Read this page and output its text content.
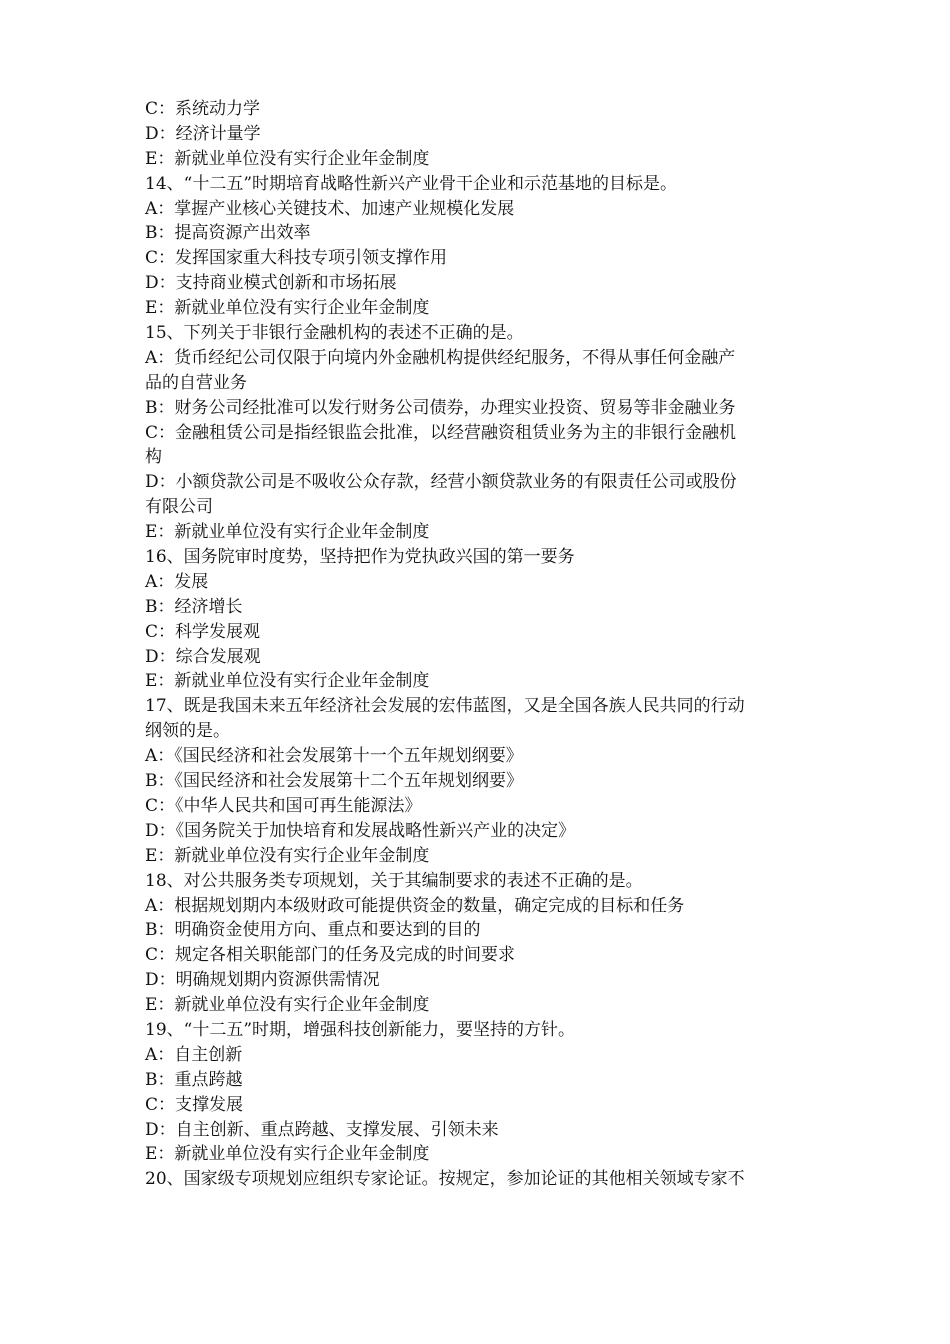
C：系统动力学
D：经济计量学
E：新就业单位没有实行企业年金制度
14、“十二五”时期培育战略性新兴产业骨干企业和示范基地的目标是。
A：掌握产业核心关键技术、加速产业规模化发展
B：提高资源产出效率
C：发挥国家重大科技专项引领支撑作用
D：支持商业模式创新和市场拓展
E：新就业单位没有实行企业年金制度
15、下列关于非银行金融机构的表述不正确的是。
A：货币经纪公司仅限于向境内外金融机构提供经纪服务，不得从事任何金融产
品的自营业务
B：财务公司经批准可以发行财务公司债券，办理实业投资、贸易等非金融业务
C：金融租赁公司是指经银监会批准，以经营融资租赁业务为主的非银行金融机
构
D：小额贷款公司是不吸收公众存款，经营小额贷款业务的有限责任公司或股份
有限公司
E：新就业单位没有实行企业年金制度
16、国务院审时度势，坚持把作为党执政兴国的第一要务
A：发展
B：经济增长
C：科学发展观
D：综合发展观
E：新就业单位没有实行企业年金制度
17、既是我国未来五年经济社会发展的宏伟蓝图，又是全国各族人民共同的行动
纲领的是。
A：《国民经济和社会发展第十一个五年规划纲要》
B：《国民经济和社会发展第十二个五年规划纲要》
C：《中华人民共和国可再生能源法》
D：《国务院关于加快培育和发展战略性新兴产业的决定》
E：新就业单位没有实行企业年金制度
18、对公共服务类专项规划，关于其编制要求的表述不正确的是。
A：根据规划期内本级财政可能提供资金的数量，确定完成的目标和任务
B：明确资金使用方向、重点和要达到的目的
C：规定各相关职能部门的任务及完成的时间要求
D：明确规划期内资源供需情况
E：新就业单位没有实行企业年金制度
19、“十二五”时期，增强科技创新能力，要坚持的方针。
A：自主创新
B：重点跨越
C：支撑发展
D：自主创新、重点跨越、支撑发展、引领未来
E：新就业单位没有实行企业年金制度
20、国家级专项规划应组织专家论证。按规定，参加论证的其他相关领域专家不
